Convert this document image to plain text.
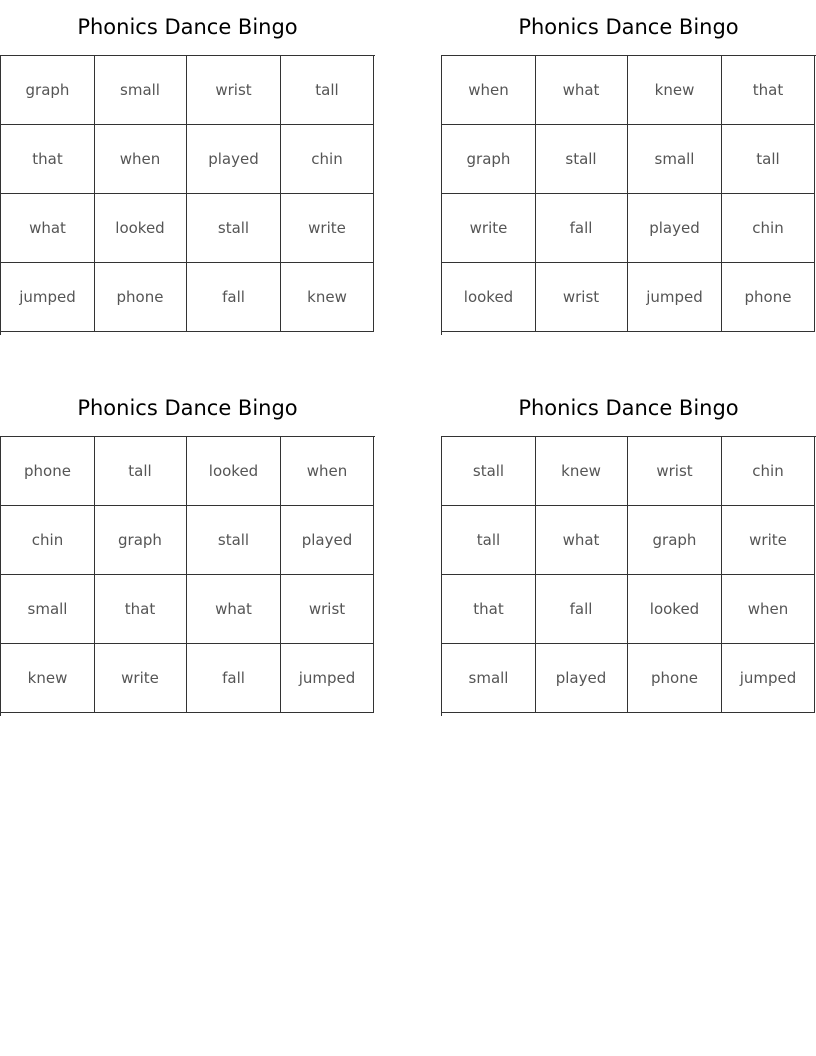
Phonics Dance Bingo
graph	small	wrist	tall
that	when	played	chin
what	looked	stall	write
jumped	phone	fall	knew
Phonics Dance Bingo
when	what	knew	that
graph	stall	small	tall
write	fall	played	chin
looked	wrist	jumped	phone
Phonics Dance Bingo
phone	tall	looked	when
chin	graph	stall	played
small	that	what	wrist
knew	write	fall	jumped
Phonics Dance Bingo
stall	knew	wrist	chin
tall	what	graph	write
that	fall	looked	when
small	played	phone	jumped
